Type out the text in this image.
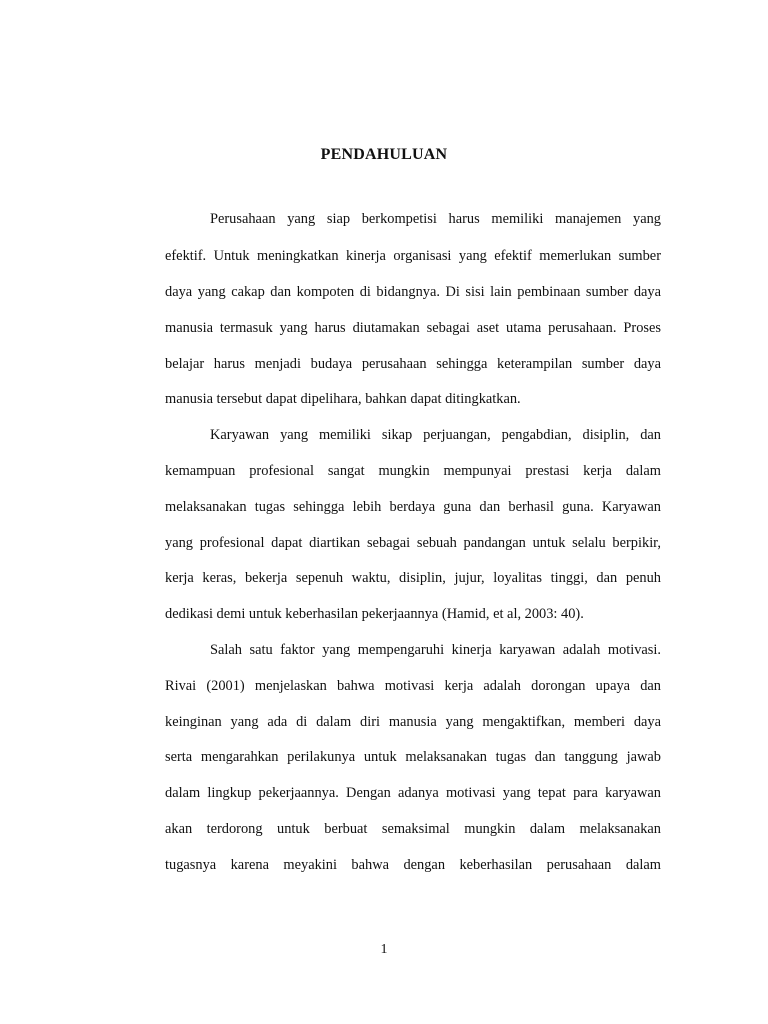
PENDAHULUAN
Perusahaan yang siap berkompetisi harus memiliki manajemen yang
efektif. Untuk meningkatkan kinerja organisasi yang efektif memerlukan sumber
daya yang cakap dan kompoten di bidangnya. Di sisi lain pembinaan sumber daya
manusia termasuk yang harus diutamakan sebagai aset utama perusahaan. Proses
belajar harus menjadi budaya perusahaan sehingga keterampilan sumber daya
manusia tersebut dapat dipelihara, bahkan dapat ditingkatkan.
Karyawan yang memiliki sikap perjuangan, pengabdian, disiplin, dan
kemampuan profesional sangat mungkin mempunyai prestasi kerja dalam
melaksanakan tugas sehingga lebih berdaya guna dan berhasil guna. Karyawan
yang profesional dapat diartikan sebagai sebuah pandangan untuk selalu berpikir,
kerja keras, bekerja sepenuh waktu, disiplin, jujur, loyalitas tinggi, dan penuh
dedikasi demi untuk keberhasilan pekerjaannya (Hamid, et al, 2003: 40).
Salah satu faktor yang mempengaruhi kinerja karyawan adalah motivasi.
Rivai (2001) menjelaskan bahwa motivasi kerja adalah dorongan upaya dan
keinginan yang ada di dalam diri manusia yang mengaktifkan, memberi daya
serta mengarahkan perilakunya untuk melaksanakan tugas dan tanggung jawab
dalam lingkup pekerjaannya. Dengan adanya motivasi yang tepat para karyawan
akan terdorong untuk berbuat semaksimal mungkin dalam melaksanakan
tugasnya karena meyakini bahwa dengan keberhasilan perusahaan dalam
1
